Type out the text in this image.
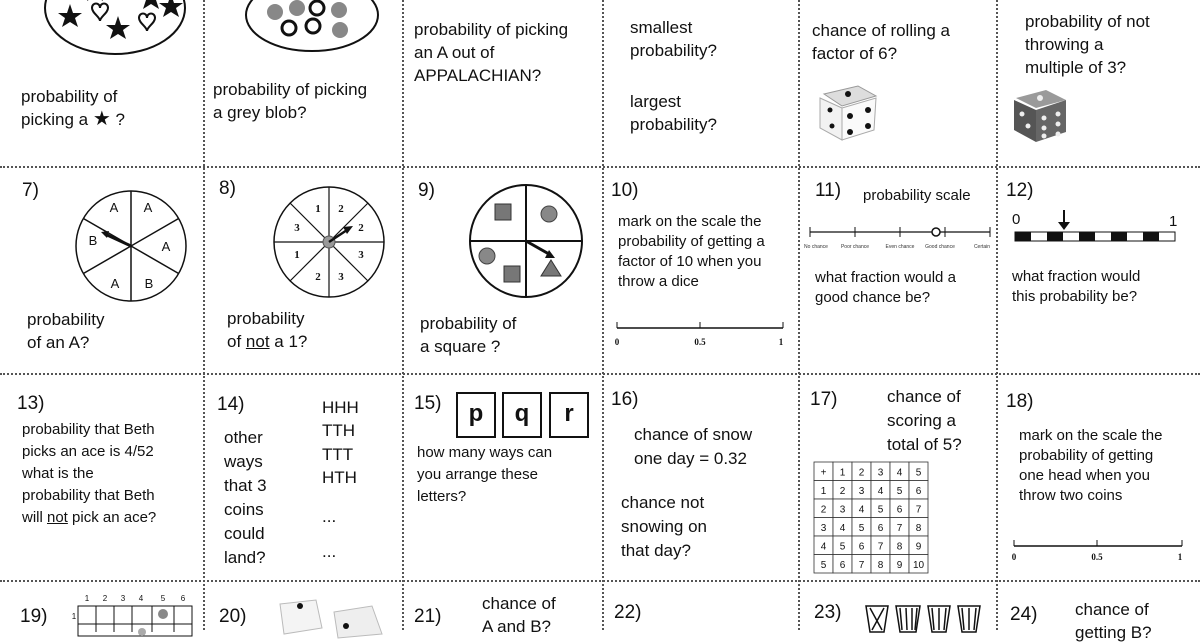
probability of
picking a ★ ?
probability of picking
a grey blob?
probability of picking
an A out of
APPALACHIAN?
smallest
probability?
largest
probability?
chance of rolling a
factor of 6?
probability of not
throwing a
multiple of 3?
7)
A A
A
B
A B
probability
of an A?
8)
1 2
2
3
1	3
2 3
probability
of not a 1?
9)
probability of
a square ?
10)
mark on the scale the
probability of getting a
factor of 10 when you
throw a dice
0	0.5	1
11) probability scale
No chance	Poor chance	Even chance Good chance	Certain
what fraction would a
good chance be?
12)
0	1
what fraction would
this probability be?
13)
probability that Beth
picks an ace is 4/52
what is the
probability that Beth
will not pick an ace?
14)
other
ways
that 3
coins
could
land?
HHH
TTH
TTT
HTH
...
...
15)	p	q	r
how many ways can
you arrange these
letters?
16)
chance of snow
one day = 0.32
chance not
snowing on
that day?
17)	chance of
scoring a
total of 5?
+ 1 2 3 4 5
1 2 3 4 5 6
2 3 4 5 6 7
3 4 5 6 7 8
4 5 6 7 8 9
5 6 7 8 9 10
18)
mark on the scale the
probability of getting
one head when you
throw two coins
0	0.5	1
19)
1 2 3 4 5 6
1	20)	21)
chance of
A and B?
22)	23)	24) chance of
getting B?
